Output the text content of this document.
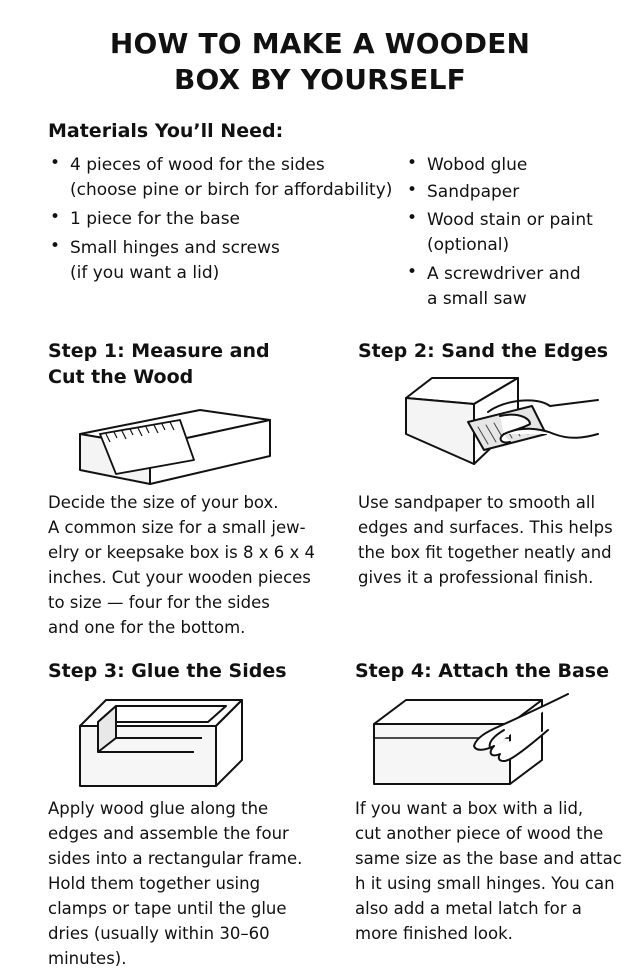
HOW TO MAKE A WOODEN
BOX BY YOURSELF
Materials You’ll Need:
• 4 pieces of wood for the sides
(choose pine or birch for affordability)
• 1 piece for the base
• Small hinges and screws
(if you want a lid)
• Wobod glue
• Sandpaper
• Wood stain or paint
(optional)
• A screwdriver and
a small saw
Step 1: Measure and
Cut the Wood
Decide the size of your box.
A common size for a small jew-
elry or keepsake box is 8 x 6 x 4
inches. Cut your wooden pieces
to size — four for the sides
and one for the bottom.
Step 2: Sand the Edges
Use sandpaper to smooth all
edges and surfaces. This helps
the box fit together neatly and
gives it a professional finish.
Step 3: Glue the Sides
Apply wood glue along the
edges and assemble the four
sides into a rectangular frame.
Hold them together using
clamps or tape until the glue
dries (usually within 30–60
minutes).
Step 4: Attach the Base
If you want a box with a lid,
cut another piece of wood the
same size as the base and attac
h it using small hinges. You can
also add a metal latch for a
more finished look.
